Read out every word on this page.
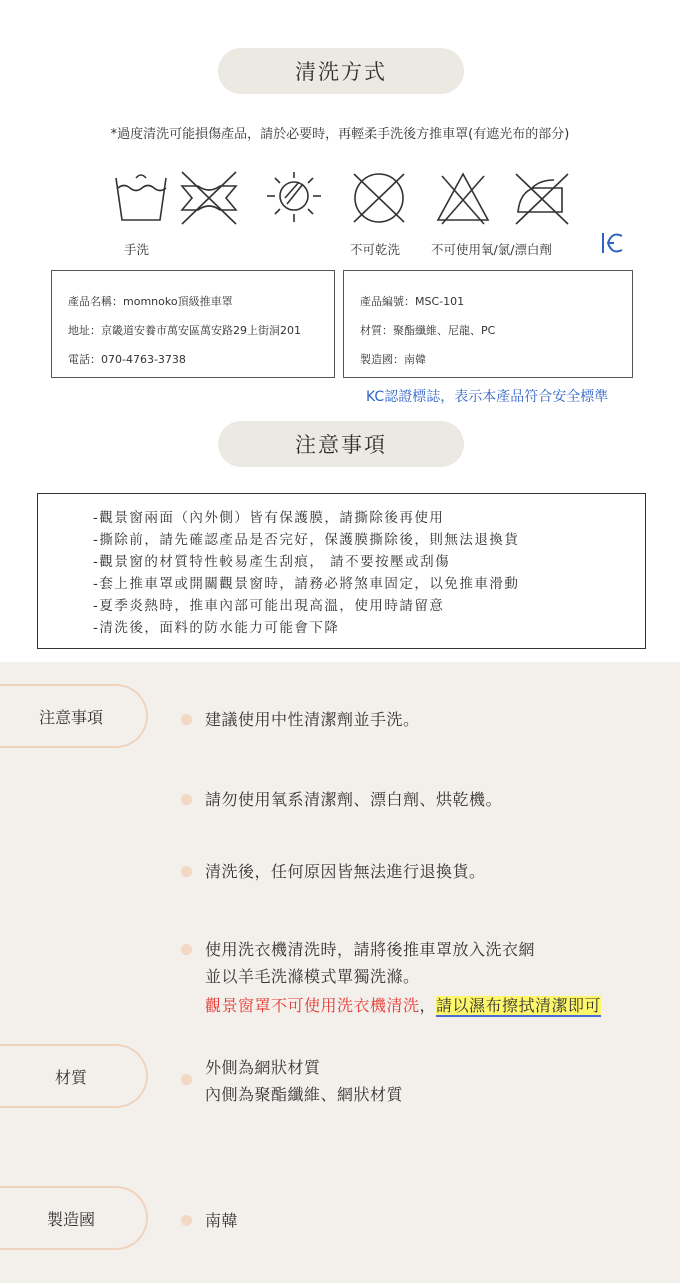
清洗方式
*過度清洗可能損傷產品，請於必要時，再輕柔手洗後方推車罩(有遮光布的部分)
手洗	不可乾洗 不可使用氧/氯/漂白劑
產品名稱：momnoko頂級推車罩
地址：京畿道安養市萬安區萬安路29上街洞201
電話：070-4763-3738
產品編號：MSC-101
材質：聚酯纖維、尼龍、PC
製造國：南韓
KC認證標誌，表示本產品符合安全標準
注意事項
-觀景窗兩面（內外側）皆有保護膜，請撕除後再使用
-撕除前，請先確認產品是否完好，保護膜撕除後，則無法退換貨
-觀景窗的材質特性較易產生刮痕， 請不要按壓或刮傷
-套上推車罩或開關觀景窗時，請務必將煞車固定，以免推車滑動
-夏季炎熱時，推車內部可能出現高溫，使用時請留意
-清洗後，面料的防水能力可能會下降
注意事項	建議使用中性清潔劑並手洗。
請勿使用氧系清潔劑、漂白劑、烘乾機。
清洗後，任何原因皆無法進行退換貨。
使用洗衣機清洗時，請將後推車罩放入洗衣網
並以羊毛洗滌模式單獨洗滌。
觀景窗罩不可使用洗衣機清洗，請以濕布擦拭清潔即可
材質	外側為網狀材質
內側為聚酯纖維、網狀材質
製造國	南韓
